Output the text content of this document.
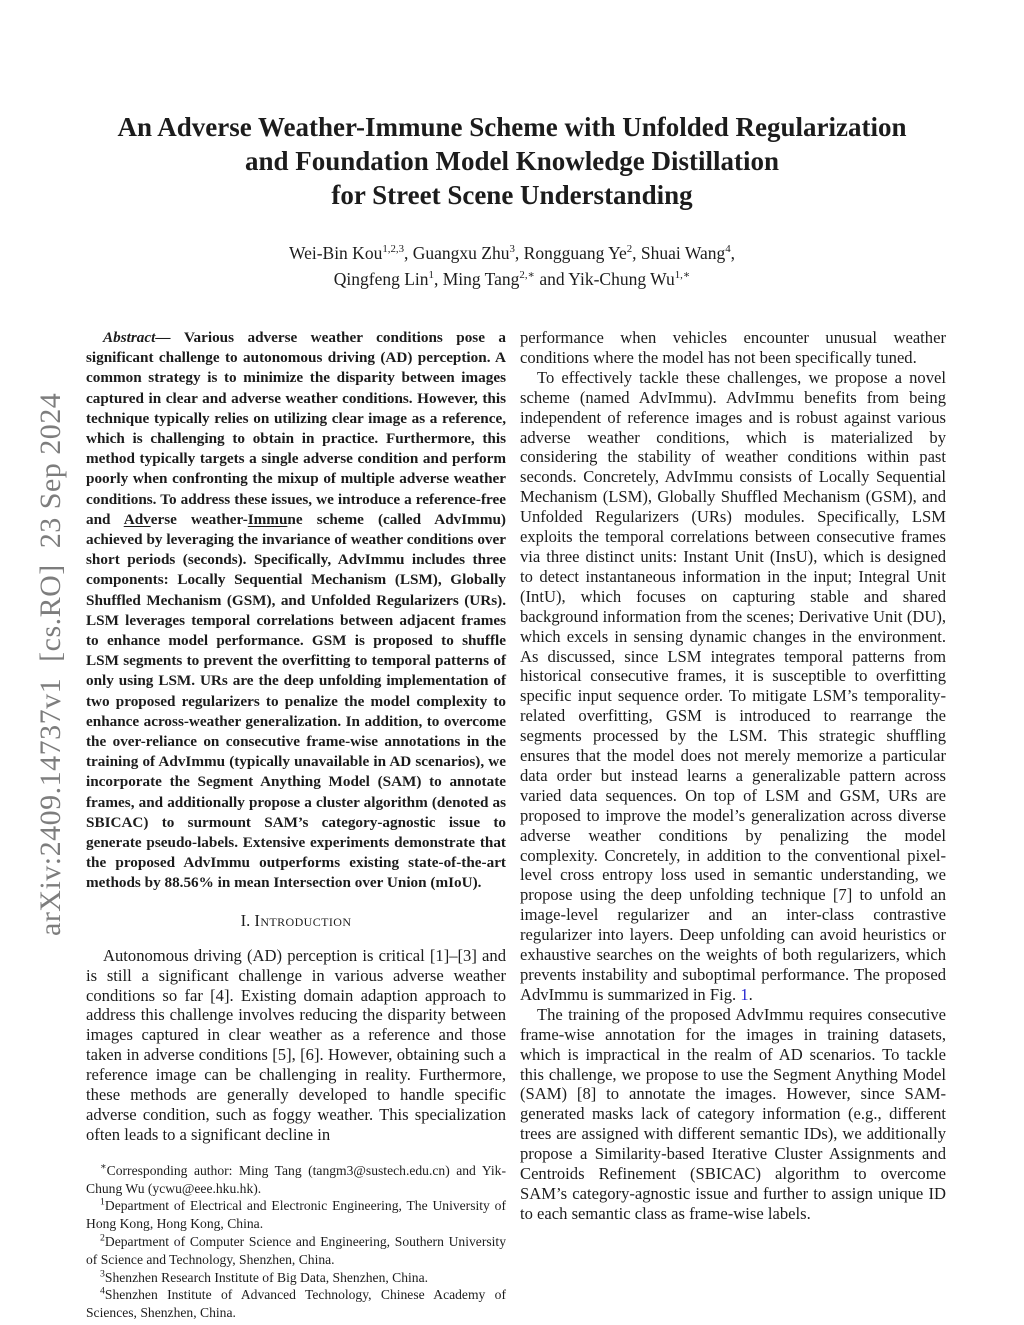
arXiv:2409.14737v1  [cs.RO]  23 Sep 2024
An Adverse Weather-Immune Scheme with Unfolded Regularization
and Foundation Model Knowledge Distillation
for Street Scene Understanding
Wei-Bin Kou$^{1,2,3}$, Guangxu Zhu$^3$, Rongguang Ye$^2$, Shuai Wang$^4$,
Qingfeng Lin$^1$, Ming Tang$^{2,∗}$ and Yik-Chung $Wu^{1,∗}$

Abstract— Various adverse weather conditions pose a significant challenge to autonomous driving (AD) perception. A common strategy is to minimize the disparity between images captured in clear and adverse weather conditions. However, this technique typically relies on utilizing clear image as a reference, which is challenging to obtain in practice. Furthermore, this method typically targets a single adverse condition and perform poorly when confronting the mixup of multiple adverse weather conditions. To address these issues, we introduce a reference-free and Adverse weather-Immune scheme (called AdvImmu) achieved by leveraging the invariance of weather conditions over short periods (seconds). Specifically, AdvImmu includes three components: Locally Sequential Mechanism (LSM), Globally Shuffled Mechanism (GSM), and Unfolded Regularizers (URs). LSM leverages temporal correlations between adjacent frames to enhance model performance. GSM is proposed to shuffle LSM segments to prevent the overfitting to temporal patterns of only using LSM. URs are the deep unfolding implementation of two proposed regularizers to penalize the model complexity to enhance across-weather generalization. In addition, to overcome the over-reliance on consecutive frame-wise annotations in the training of AdvImmu (typically unavailable in AD scenarios), we incorporate the Segment Anything Model (SAM) to annotate frames, and additionally propose a cluster algorithm (denoted as SBICAC) to surmount SAM’s category-agnostic issue to generate pseudo-labels. Extensive experiments demonstrate that the proposed AdvImmu outperforms existing state-of-the-art methods by 88.56% in mean Intersection over Union (mIoU).

I. Introduction

Autonomous driving (AD) perception is critical [1]–[3] and is still a significant challenge in various adverse weather conditions so far [4]. Existing domain adaption approach to address this challenge involves reducing the disparity between images captured in clear weather as a reference and those taken in adverse conditions [5], [6]. However, obtaining such a reference image can be challenging in reality. Furthermore, these methods are generally developed to handle specific adverse condition, such as foggy weather. This specialization often leads to a significant decline in

∗Corresponding author: Ming Tang (tangm3@sustech.edu.cn) and Yik-Chung Wu (ycwu@eee.hku.hk).

$^1$Department of Electrical and Electronic Engineering, The University of Hong Kong, Hong Kong, China.

$^2$Department of Computer Science and Engineering, Southern University of Science and Technology, Shenzhen, China.

$^3$Shenzhen Research Institute of Big Data, Shenzhen, China.

$^4$Shenzhen Institute of Advanced Technology, Chinese Academy of Sciences, Shenzhen, China.

performance when vehicles encounter unusual weather conditions where the model has not been specifically tuned.

To effectively tackle these challenges, we propose a novel scheme (named AdvImmu). AdvImmu benefits from being independent of reference images and is robust against various adverse weather conditions, which is materialized by considering the stability of weather conditions within past seconds. Concretely, AdvImmu consists of Locally Sequential Mechanism (LSM), Globally Shuffled Mechanism (GSM), and Unfolded Regularizers (URs) modules. Specifically, LSM exploits the temporal correlations between consecutive frames via three distinct units: Instant Unit (InsU), which is designed to detect instantaneous information in the input; Integral Unit (IntU), which focuses on capturing stable and shared background information from the scenes; Derivative Unit (DU), which excels in sensing dynamic changes in the environment. As discussed, since LSM integrates temporal patterns from historical consecutive frames, it is susceptible to overfitting specific input sequence order. To mitigate LSM’s temporality-related overfitting, GSM is introduced to rearrange the segments processed by the LSM. This strategic shuffling ensures that the model does not merely memorize a particular data order but instead learns a generalizable pattern across varied data sequences. On top of LSM and GSM, URs are proposed to improve the model’s generalization across diverse adverse weather conditions by penalizing the model complexity. Concretely, in addition to the conventional pixel-level cross entropy loss used in semantic understanding, we propose using the deep unfolding technique [7] to unfold an image-level regularizer and an inter-class contrastive regularizer into layers. Deep unfolding can avoid heuristics or exhaustive searches on the weights of both regularizers, which prevents instability and suboptimal performance. The proposed AdvImmu is summarized in Fig. 1.

The training of the proposed AdvImmu requires consecutive frame-wise annotation for the images in training datasets, which is impractical in the realm of AD scenarios. To tackle this challenge, we propose to use the Segment Anything Model (SAM) [8] to annotate the images. However, since SAM-generated masks lack of category information (e.g., different trees are assigned with different semantic IDs), we additionally propose a Similarity-based Iterative Cluster Assignments and Centroids Refinement (SBICAC) algorithm to overcome SAM’s category-agnostic issue and further to assign unique ID to each semantic class as frame-wise labels.
